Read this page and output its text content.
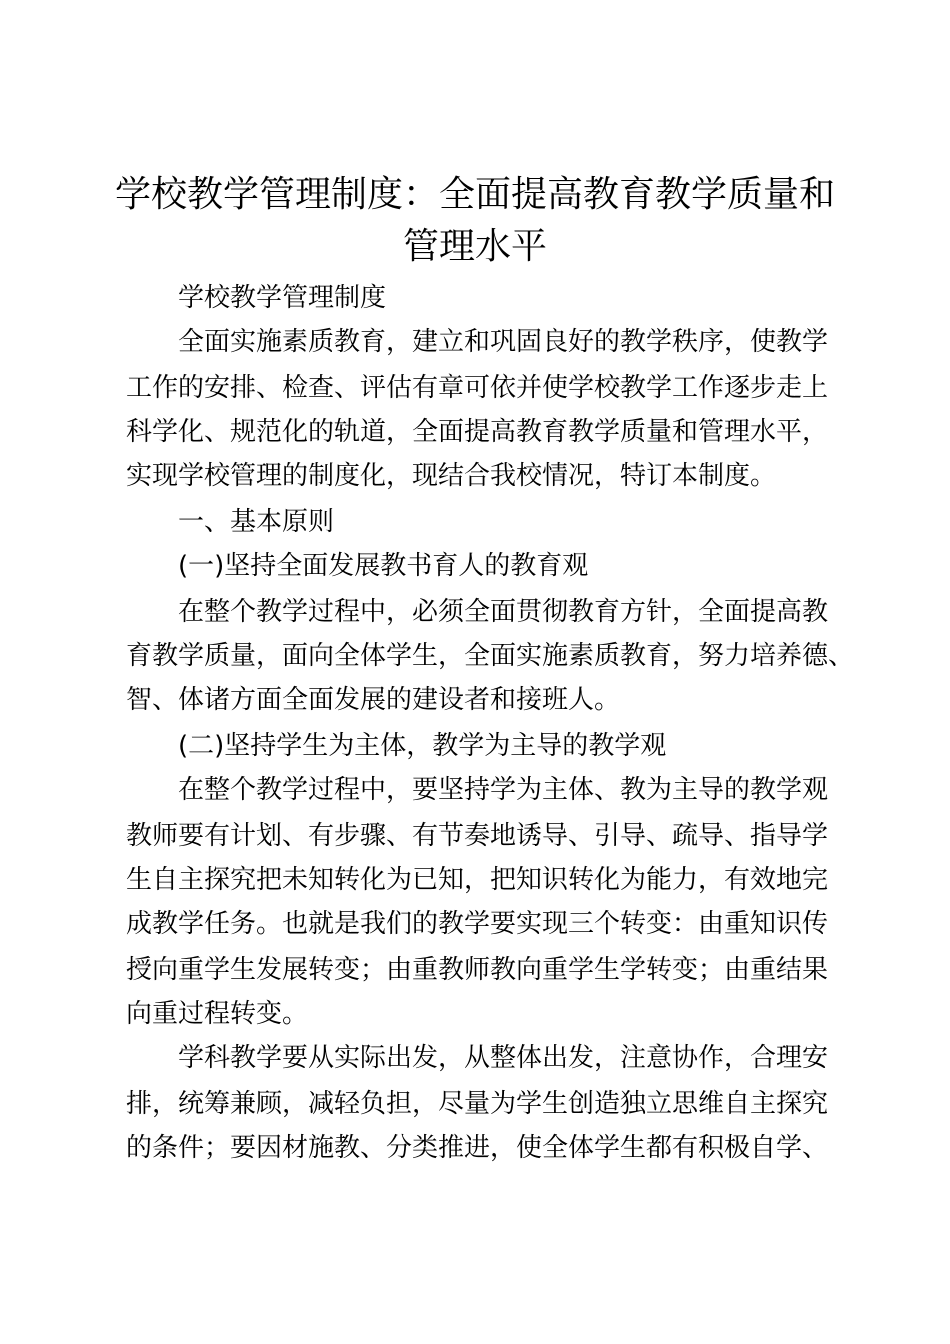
学校教学管理制度：全面提高教育教学质量和
管理水平

学校教学管理制度

全面实施素质教育，建立和巩固良好的教学秩序，使教学

工作的安排、检查、评估有章可依并使学校教学工作逐步走上

科学化、规范化的轨道，全面提高教育教学质量和管理水平，

实现学校管理的制度化，现结合我校情况，特订本制度。

一、基本原则

(一)坚持全面发展教书育人的教育观

在整个教学过程中，必须全面贯彻教育方针，全面提高教

育教学质量，面向全体学生，全面实施素质教育，努力培养德、

智、体诸方面全面发展的建设者和接班人。

(二)坚持学生为主体，教学为主导的教学观

在整个教学过程中，要坚持学为主体、教为主导的教学观

教师要有计划、有步骤、有节奏地诱导、引导、疏导、指导学

生自主探究把未知转化为已知，把知识转化为能力，有效地完

成教学任务。也就是我们的教学要实现三个转变：由重知识传

授向重学生发展转变；由重教师教向重学生学转变；由重结果

向重过程转变。

学科教学要从实际出发，从整体出发，注意协作，合理安

排，统筹兼顾，减轻负担，尽量为学生创造独立思维自主探究

的条件；要因材施教、分类推进，使全体学生都有积极自学、
